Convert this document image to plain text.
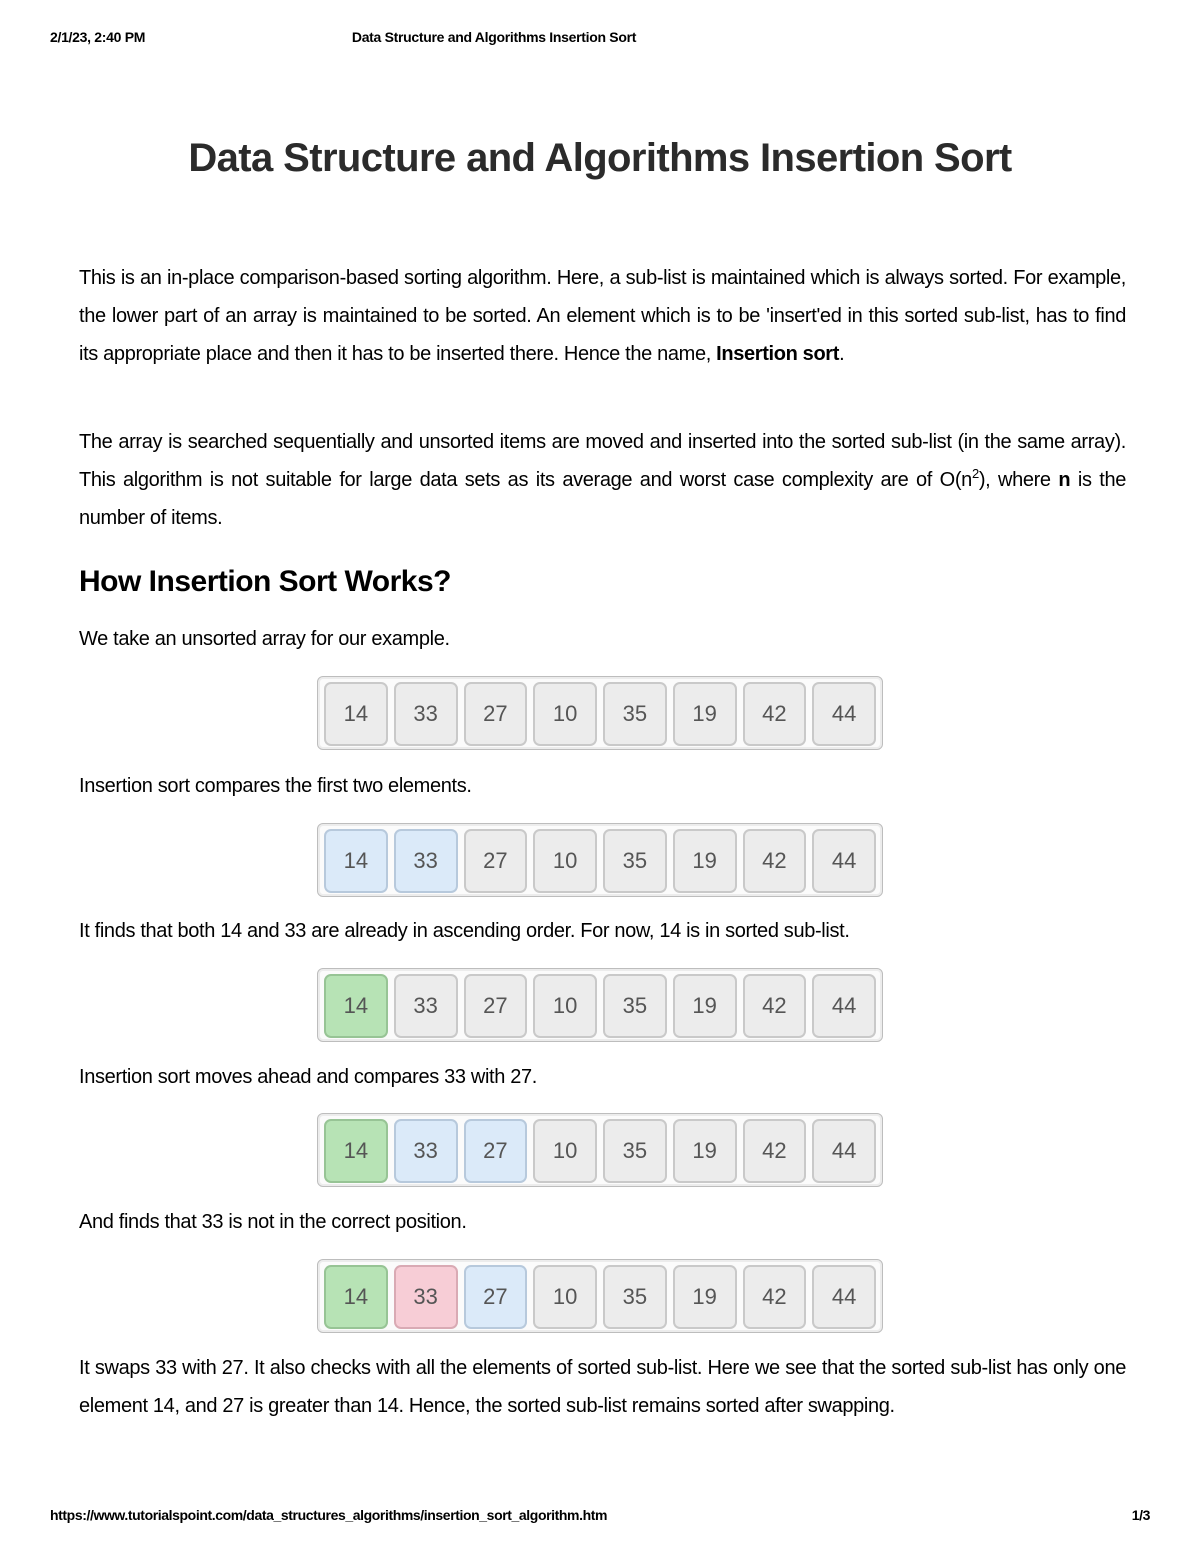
2/1/23, 2:40 PM	Data Structure and Algorithms Insertion Sort
Data Structure and Algorithms Insertion Sort

This is an in-place comparison-based sorting algorithm. Here, a sub-list is maintained which is always sorted. For example, the lower part of an array is maintained to be sorted. An element which is to be 'insert'ed in this sorted sub-list, has to find its appropriate place and then it has to be inserted there. Hence the name, Insertion sort.

The array is searched sequentially and unsorted items are moved and inserted into the sorted sub-list (in the same array). This algorithm is not suitable for large data sets as its average and worst case complexity are of $O(n^2)$, where n is the number of items.

How Insertion Sort Works?
We take an unsorted array for our example.
14	33	27	10	35	19	42	44
Insertion sort compares the first two elements.
14	33	27	10	35	19	42	44
It finds that both 14 and 33 are already in ascending order. For now, 14 is in sorted sub-list.
14	33	27	10	35	19	42	44
Insertion sort moves ahead and compares 33 with 27.
14	33	27	10	35	19	42	44
And finds that 33 is not in the correct position.
14	33	27	10	35	19	42	44

It swaps 33 with 27. It also checks with all the elements of sorted sub-list. Here we see that the sorted sub-list has only one element 14, and 27 is greater than 14. Hence, the sorted sub-list remains sorted after swapping.

https://www.tutorialspoint.com/data_structures_algorithms/insertion_sort_algorithm.htm	1/3
